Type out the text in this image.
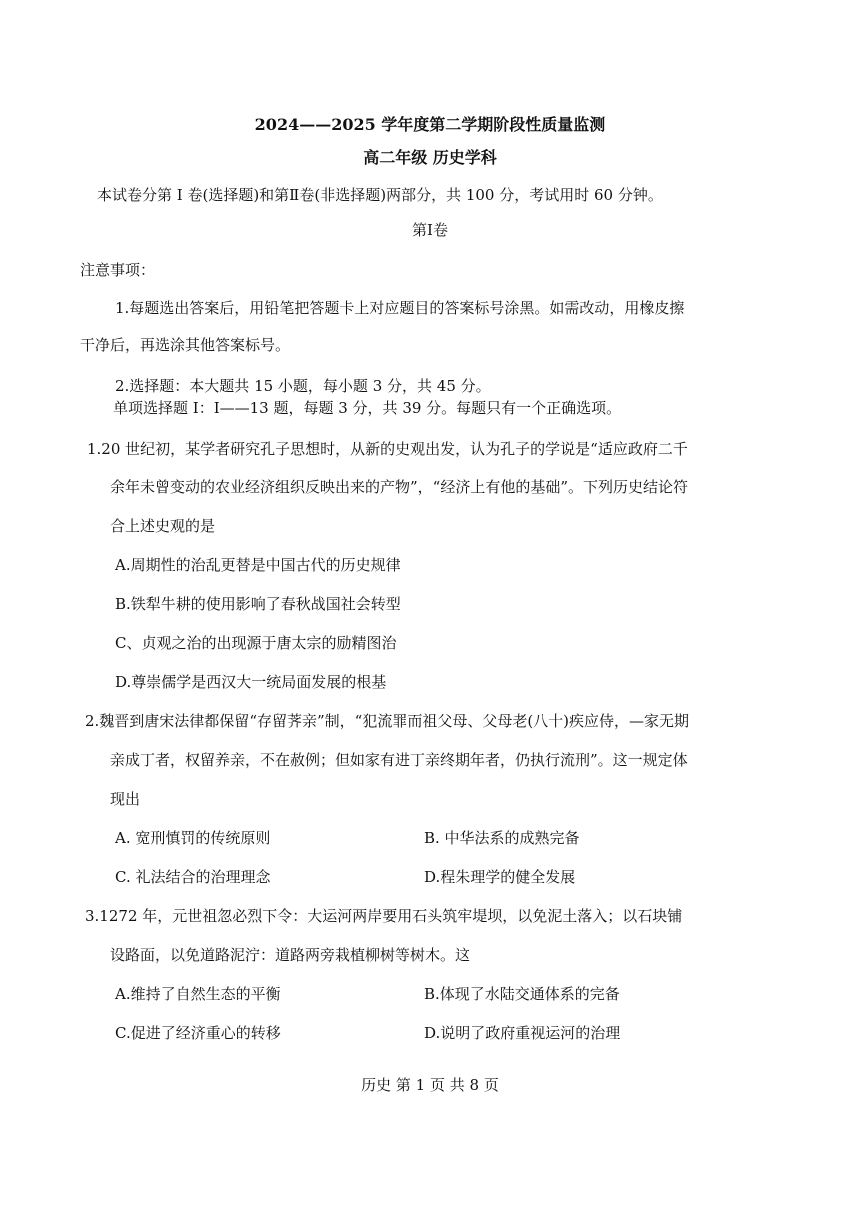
2024——2025 学年度第二学期阶段性质量监测
高二年级 历史学科
本试卷分第 I 卷(选择题)和第Ⅱ卷(非选择题)两部分，共 100 分，考试用时 60 分钟。
第Ⅰ卷
注意事项：
1.每题选出答案后，用铅笔把答题卡上对应题目的答案标号涂黑。如需改动，用橡皮擦
干净后，再选涂其他答案标号。
2.选择题：本大题共 15 小题，每小题 3 分，共 45 分。
单项选择题 I：I——13 题，每题 3 分，共 39 分。每题只有一个正确选项。
1.20 世纪初，某学者研究孔子思想时，从新的史观出发，认为孔子的学说是“适应政府二千
余年未曾变动的农业经济组织反映出来的产物”，“经济上有他的基础”。下列历史结论符
合上述史观的是
A.周期性的治乱更替是中国古代的历史规律
B.铁犁牛耕的使用影响了春秋战国社会转型
C、贞观之治的出现源于唐太宗的励精图治
D.尊崇儒学是西汉大一统局面发展的根基
2.魏晋到唐宋法律都保留“存留荠亲”制，“犯流罪而祖父母、父母老(八十)疾应侍，—家无期
亲成丁者，权留养亲，不在赦例；但如家有进丁亲终期年者，仍执行流刑”。这一规定体
现出
A. 宽刑慎罚的传统原则	B. 中华法系的成熟完备
C. 礼法结合的治理理念	D.程朱理学的健全发展
3.1272 年，元世祖忽必烈下令：大运河两岸要用石头筑牢堤坝，以免泥土落入；以石块铺
设路面，以免道路泥泞：道路两旁栽植柳树等树木。这
A.维持了自然生态的平衡	B.体现了水陆交通体系的完备
C.促进了经济重心的转移	D.说明了政府重视运河的治理
历史 第 1 页 共 8 页
